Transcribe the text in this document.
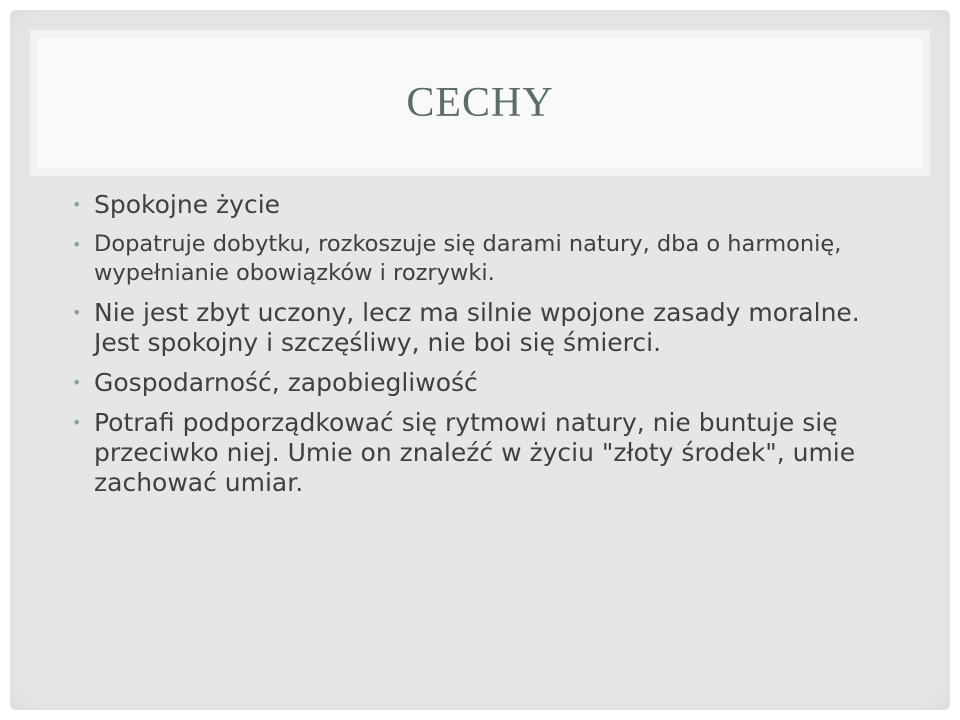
CECHY
• Spokojne życie
• Dopatruje dobytku, rozkoszuje się darami natury, dba o harmonię, wypełnianie obowiązków i rozrywki.
• Nie jest zbyt uczony, lecz ma silnie wpojone zasady moralne. Jest spokojny i szczęśliwy, nie boi się śmierci.
• Gospodarność, zapobiegliwość
• Potrafi podporządkować się rytmowi natury, nie buntuje się przeciwko niej. Umie on znaleźć w życiu "złoty środek", umie zachować umiar.
